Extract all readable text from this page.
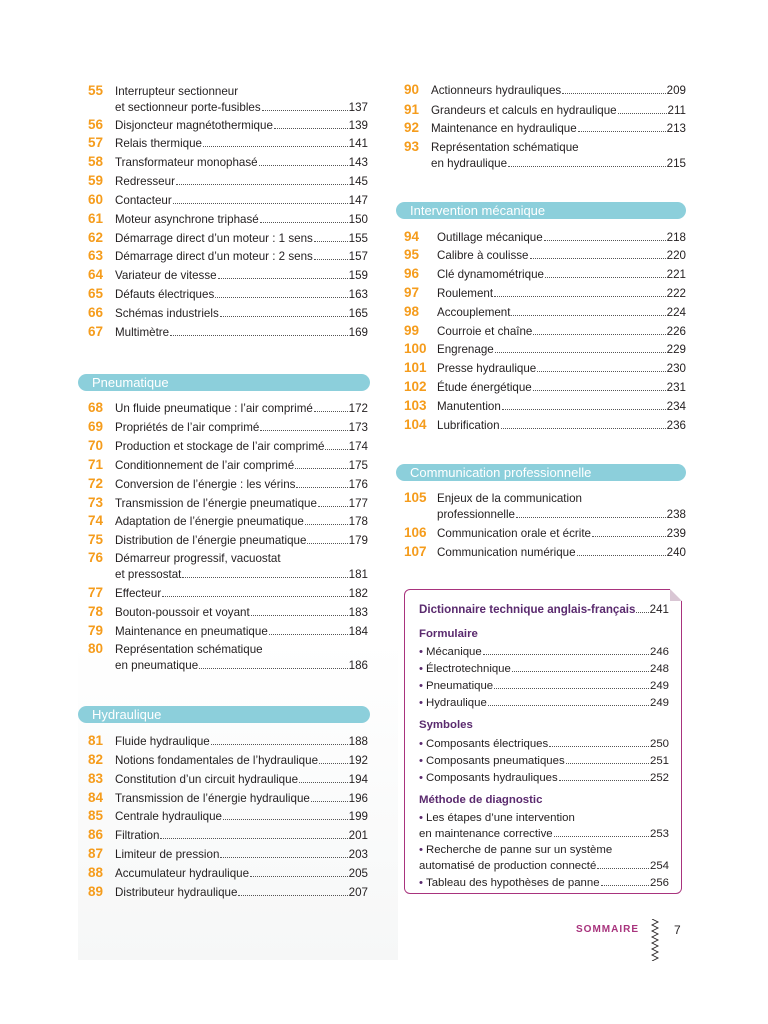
55 Interrupteur sectionneur
et sectionneur porte-fusibles	137
56 Disjoncteur magnétothermique	139
57 Relais thermique	141
58 Transformateur monophasé	143
59 Redresseur	145
60 Contacteur	147
61 Moteur asynchrone triphasé	150
62 Démarrage direct d’un moteur : 1 sens	155
63 Démarrage direct d’un moteur : 2 sens	157
64 Variateur de vitesse	159
65 Défauts électriques	163
66 Schémas industriels	165
67 Multimètre	169
68 Un fluide pneumatique : l’air comprimé	172
69 Propriétés de l’air comprimé	173
70 Production et stockage de l’air comprimé 174
71 Conditionnement de l’air comprimé	175
72 Conversion de l’énergie : les vérins	176
73 Transmission de l’énergie pneumatique	177
74 Adaptation de l’énergie pneumatique	178
75 Distribution de l’énergie pneumatique	179
76 Démarreur progressif, vacuostat
et pressostat	181
77 Effecteur	182
78 Bouton-poussoir et voyant	183
79 Maintenance en pneumatique	184
80 Représentation schématique
en pneumatique	186
81 Fluide hydraulique	188
82 Notions fondamentales de l’hydraulique	192
83 Constitution d’un circuit hydraulique	194
84 Transmission de l’énergie hydraulique	196
85 Centrale hydraulique	199
86 Filtration	201
87 Limiteur de pression	203
88 Accumulateur hydraulique	205
89 Distributeur hydraulique	207
90 Actionneurs hydrauliques	209
91 Grandeurs et calculs en hydraulique	211
92 Maintenance en hydraulique	213
93 Représentation schématique
en hydraulique	215
94 Outillage mécanique	218
95 Calibre à coulisse	220
96 Clé dynamométrique	221
97 Roulement	222
98 Accouplement	224
99 Courroie et chaîne	226
100 Engrenage	229
101 Presse hydraulique	230
102 Étude énergétique	231
103 Manutention	234
104 Lubrification	236
105 Enjeux de la communication
professionnelle	238
106 Communication orale et écrite	239
107 Communication numérique	240
Pneumatique
Hydraulique
Intervention mécanique
Communication professionnelle
Dictionnaire technique anglais-français 241
Formulaire
• Mécanique	246
• Électrotechnique	248
• Pneumatique	249
• Hydraulique	249
Symboles
• Composants électriques	250
• Composants pneumatiques	251
• Composants hydrauliques	252
Méthode de diagnostic
• Les étapes d’une intervention
en maintenance corrective	253
• Recherche de panne sur un système
automatisé de production connecté	254
• Tableau des hypothèses de panne	256
SOMMAIRE	7
